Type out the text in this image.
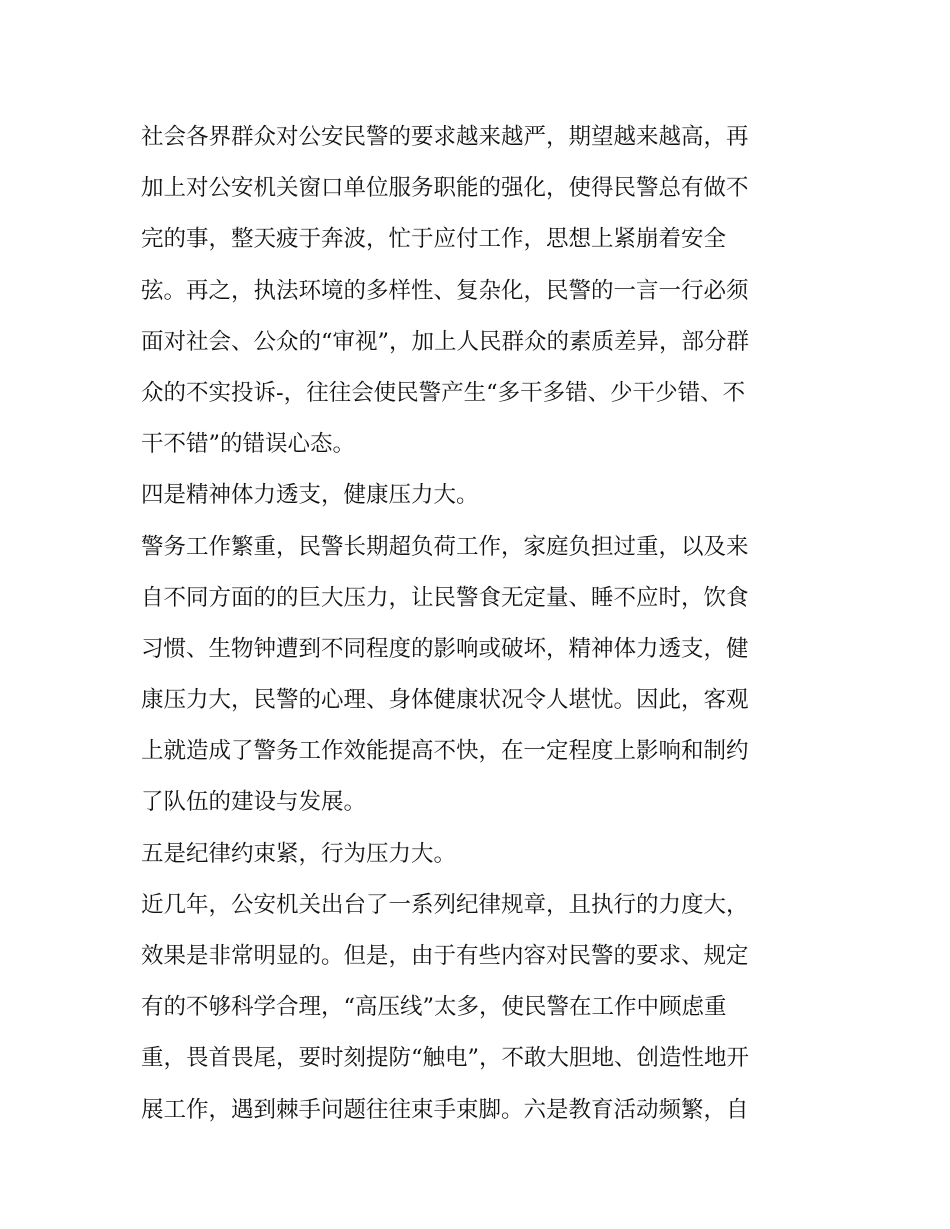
社会各界群众对公安民警的要求越来越严，期望越来越高，再
加上对公安机关窗口单位服务职能的强化，使得民警总有做不
完的事，整天疲于奔波，忙于应付工作，思想上紧崩着安全
弦。再之，执法环境的多样性、复杂化，民警的一言一行必须
面对社会、公众的“审视”，加上人民群众的素质差异，部分群
众的不实投诉-，往往会使民警产生“多干多错、少干少错、不
干不错”的错误心态。
四是精神体力透支，健康压力大。
警务工作繁重，民警长期超负荷工作，家庭负担过重，以及来
自不同方面的的巨大压力，让民警食无定量、睡不应时，饮食
习惯、生物钟遭到不同程度的影响或破坏，精神体力透支，健
康压力大，民警的心理、身体健康状况令人堪忧。因此，客观
上就造成了警务工作效能提高不快，在一定程度上影响和制约
了队伍的建设与发展。
五是纪律约束紧，行为压力大。
近几年，公安机关出台了一系列纪律规章，且执行的力度大，
效果是非常明显的。但是，由于有些内容对民警的要求、规定
有的不够科学合理，“高压线”太多，使民警在工作中顾虑重
重，畏首畏尾，要时刻提防“触电”，不敢大胆地、创造性地开
展工作，遇到棘手问题往往束手束脚。六是教育活动频繁，自
